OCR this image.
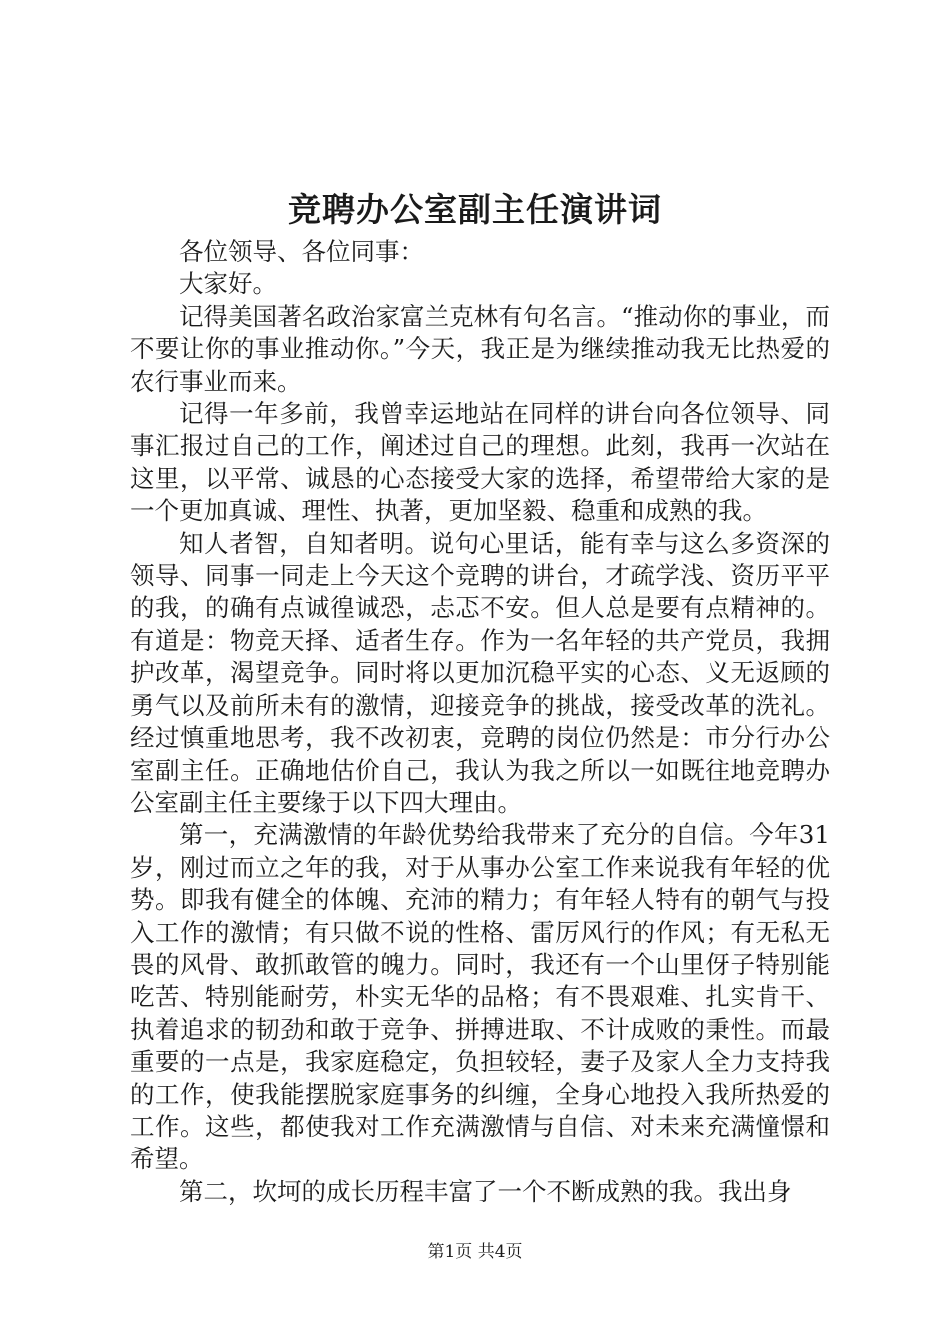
竞聘办公室副主任演讲词

各位领导、各位同事：

大家好。

记得美国著名政治家富兰克林有句名言。“推动你的事业，而不要让你的事业推动你。”今天，我正是为继续推动我无比热爱的农行事业而来。

记得一年多前，我曾幸运地站在同样的讲台向各位领导、同事汇报过自己的工作，阐述过自己的理想。此刻，我再一次站在这里，以平常、诚恳的心态接受大家的选择，希望带给大家的是一个更加真诚、理性、执著，更加坚毅、稳重和成熟的我。

知人者智，自知者明。说句心里话，能有幸与这么多资深的领导、同事一同走上今天这个竞聘的讲台，才疏学浅、资历平平的我，的确有点诚徨诚恐，忐忑不安。但人总是要有点精神的。有道是：物竞天择、适者生存。作为一名年轻的共产党员，我拥护改革，渴望竞争。同时将以更加沉稳平实的心态、义无返顾的勇气以及前所未有的激情，迎接竞争的挑战，接受改革的洗礼。经过慎重地思考，我不改初衷，竞聘的岗位仍然是：市分行办公室副主任。正确地估价自己，我认为我之所以一如既往地竞聘办公室副主任主要缘于以下四大理由。

第一，充满激情的年龄优势给我带来了充分的自信。今年31岁，刚过而立之年的我，对于从事办公室工作来说我有年轻的优势。即我有健全的体魄、充沛的精力；有年轻人特有的朝气与投入工作的激情；有只做不说的性格、雷厉风行的作风；有无私无畏的风骨、敢抓敢管的魄力。同时，我还有一个山里伢子特别能吃苦、特别能耐劳，朴实无华的品格；有不畏艰难、扎实肯干、执着追求的韧劲和敢于竞争、拼搏进取、不计成败的秉性。而最重要的一点是，我家庭稳定，负担较轻，妻子及家人全力支持我的工作，使我能摆脱家庭事务的纠缠，全身心地投入我所热爱的工作。这些，都使我对工作充满激情与自信、对未来充满憧憬和希望。

第二，坎坷的成长历程丰富了一个不断成熟的我。我出身

第1页 共4页
